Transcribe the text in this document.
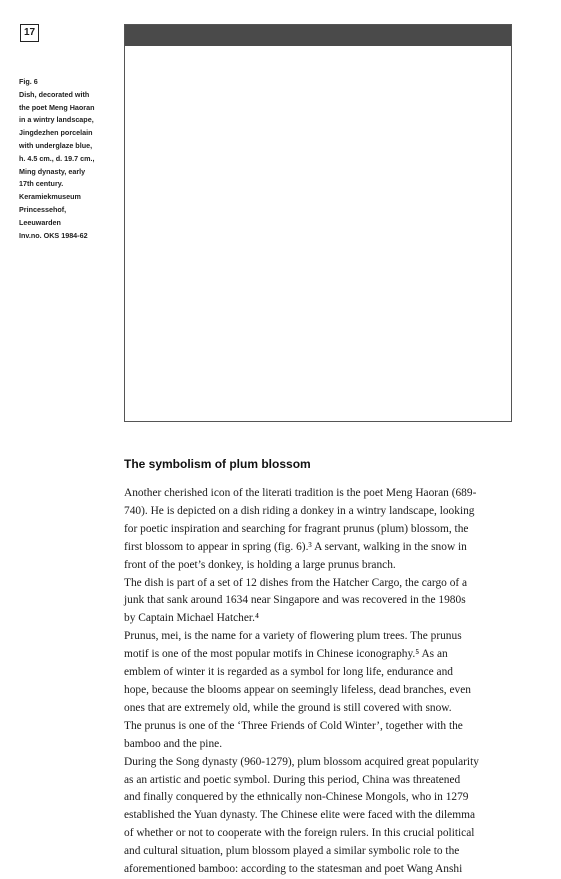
17
Fig. 6
Dish, decorated with
the poet Meng Haoran
in a wintry landscape,
Jingdezhen porcelain
with underglaze blue,
h. 4.5 cm., d. 19.7 cm.,
Ming dynasty, early
17th century.
Keramiekmuseum
Princessehof,
Leeuwarden
Inv.no. OKS 1984-62
The symbolism of plum blossom
Another cherished icon of the literati tradition is the poet Meng Haoran (689-
740). He is depicted on a dish riding a donkey in a wintry landscape, looking
for poetic inspiration and searching for fragrant prunus (plum) blossom, the
first blossom to appear in spring (fig. 6).³ A servant, walking in the snow in
front of the poet’s donkey, is holding a large prunus branch.
The dish is part of a set of 12 dishes from the Hatcher Cargo, the cargo of a
junk that sank around 1634 near Singapore and was recovered in the 1980s
by Captain Michael Hatcher.⁴
Prunus, mei, is the name for a variety of flowering plum trees. The prunus
motif is one of the most popular motifs in Chinese iconography.⁵ As an
emblem of winter it is regarded as a symbol for long life, endurance and
hope, because the blooms appear on seemingly lifeless, dead branches, even
ones that are extremely old, while the ground is still covered with snow.
The prunus is one of the ‘Three Friends of Cold Winter’, together with the
bamboo and the pine.
During the Song dynasty (960-1279), plum blossom acquired great popularity
as an artistic and poetic symbol. During this period, China was threatened
and finally conquered by the ethnically non-Chinese Mongols, who in 1279
established the Yuan dynasty. The Chinese elite were faced with the dilemma
of whether or not to cooperate with the foreign rulers. In this crucial political
and cultural situation, plum blossom played a similar symbolic role to the
aforementioned bamboo: according to the statesman and poet Wang Anshi
